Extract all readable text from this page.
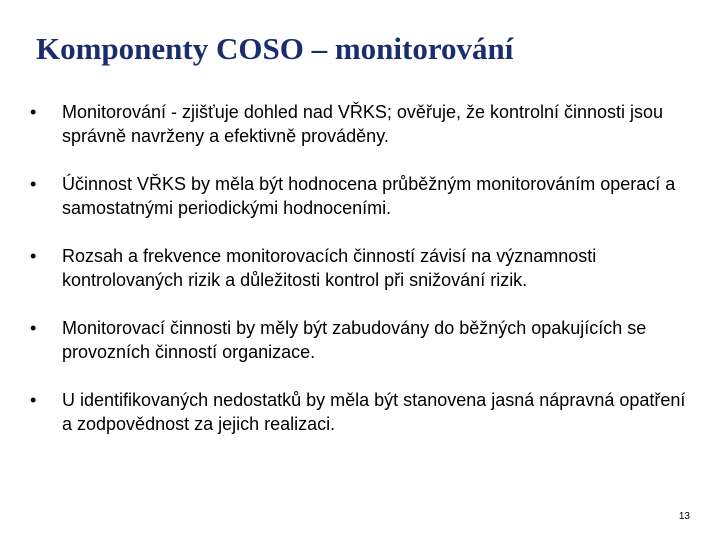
Komponenty COSO – monitorování
•	Monitorování - zjišťuje dohled nad VŘKS; ověřuje, že kontrolní činnosti jsou správně navrženy a efektivně prováděny.
•	Účinnost VŘKS by měla být hodnocena průběžným monitorováním operací a samostatnými periodickými hodnoceními.
•	Rozsah a frekvence monitorovacích činností závisí na významnosti kontrolovaných rizik a důležitosti kontrol při snižování rizik.
•	Monitorovací činnosti by měly být zabudovány do běžných opakujících se provozních činností organizace.
•	U identifikovaných nedostatků by měla být stanovena jasná nápravná opatření a zodpovědnost za jejich realizaci.
13
